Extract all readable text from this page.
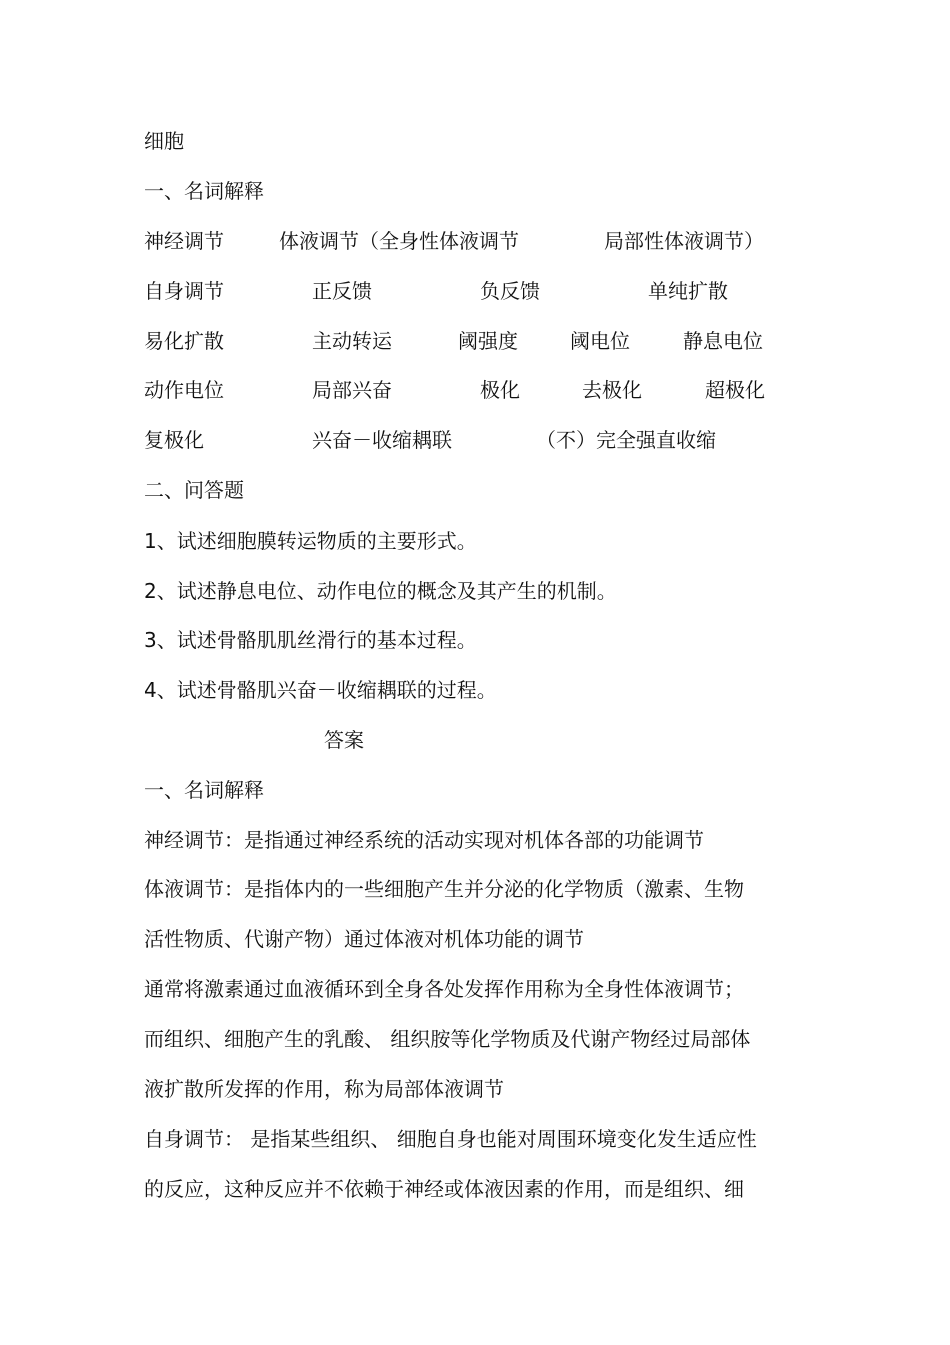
细胞
一、名词解释
神经调节	体液调节（全身性体液调节	局部性体液调节）
自身调节	正反馈	负反馈	单纯扩散
易化扩散	主动转运	阈强度	阈电位	静息电位
动作电位	局部兴奋	极化	去极化	超极化
复极化	兴奋－收缩耦联	（不）完全强直收缩
二、问答题
1、试述细胞膜转运物质的主要形式。
2、试述静息电位、动作电位的概念及其产生的机制。
3、试述骨骼肌肌丝滑行的基本过程。
4、试述骨骼肌兴奋－收缩耦联的过程。
答案
一、名词解释
神经调节：是指通过神经系统的活动实现对机体各部的功能调节
体液调节：是指体内的一些细胞产生并分泌的化学物质（激素、生物
活性物质、代谢产物）通过体液对机体功能的调节
通常将激素通过血液循环到全身各处发挥作用称为全身性体液调节；
而组织、细胞产生的乳酸、 组织胺等化学物质及代谢产物经过局部体
液扩散所发挥的作用，称为局部体液调节
自身调节： 是指某些组织、 细胞自身也能对周围环境变化发生适应性
的反应，这种反应并不依赖于神经或体液因素的作用，而是组织、细
